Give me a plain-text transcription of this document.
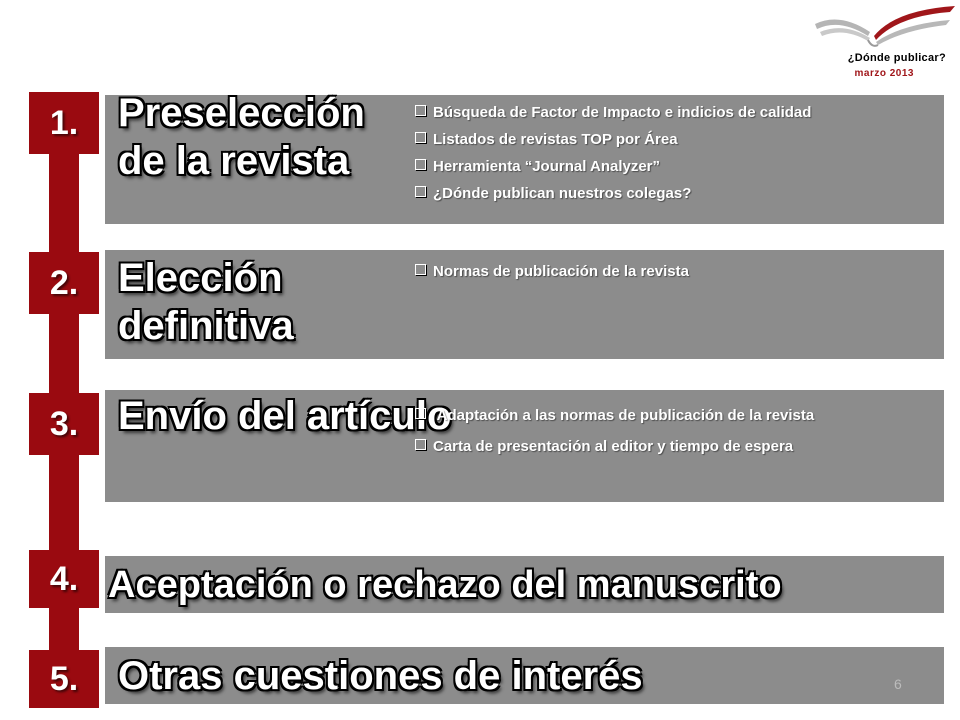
¿Dónde publicar?
marzo 2013
1. Preselección
de la revista
Búsqueda de Factor de Impacto e indicios de calidad
Listados de revistas TOP por Área
Herramienta “Journal Analyzer”
¿Dónde publican nuestros colegas?
2. Elección
definitiva
Normas de publicación de la revista
3. Envío del artículo
Adaptación a las normas de publicación de la revista
Carta de presentación al editor y tiempo de espera
4. Aceptación o rechazo del manuscrito
5. Otras cuestiones de interés	6
